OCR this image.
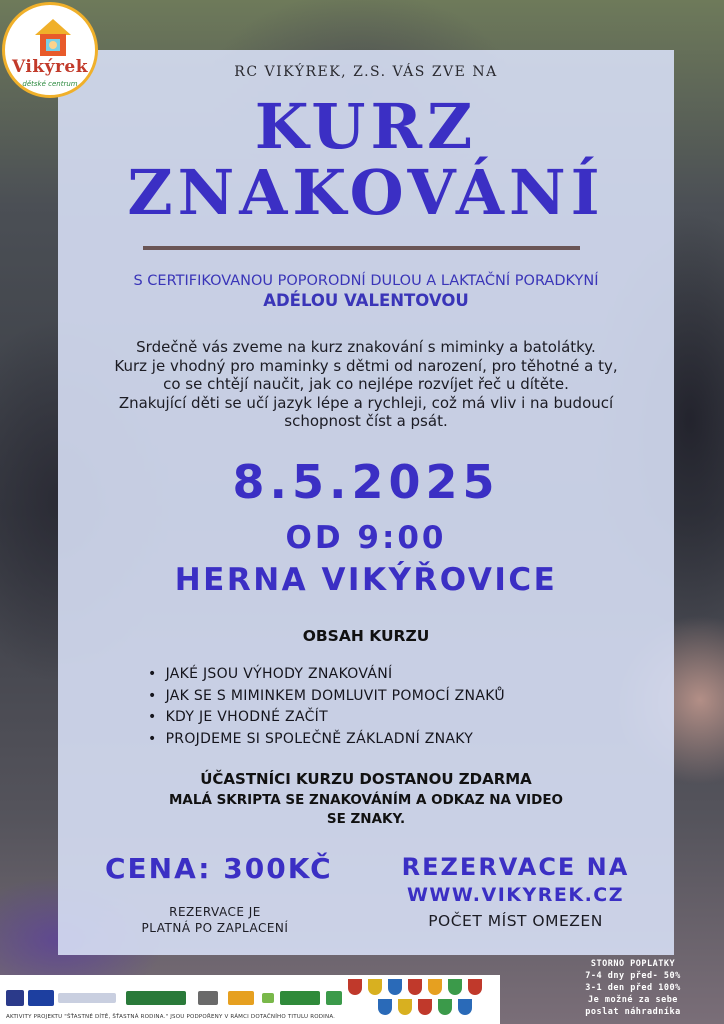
Vikýrek
dětské centrum
RC VIKÝREK, Z.S. VÁS ZVE NA
KURZ
ZNAKOVÁNÍ
S CERTIFIKOVANOU POPORODNÍ DULOU A LAKTAČNÍ PORADKYNÍ
ADÉLOU VALENTOVOU
Srdečně vás zveme na kurz znakování s miminky a batolátky.
Kurz je vhodný pro maminky s dětmi od narození, pro těhotné a ty,
co se chtějí naučit, jak co nejlépe rozvíjet řeč u dítěte.
Znakující děti se učí jazyk lépe a rychleji, což má vliv i na budoucí
schopnost číst a psát.
8.5.2025
OD 9:00
HERNA VIKÝŘOVICE
OBSAH KURZU
• JAKÉ JSOU VÝHODY ZNAKOVÁNÍ
• JAK SE S MIMINKEM DOMLUVIT POMOCÍ ZNAKŮ
• KDY JE VHODNÉ ZAČÍT
• PROJDEME SI SPOLEČNĚ ZÁKLADNÍ ZNAKY
ÚČASTNÍCI KURZU DOSTANOU ZDARMA
MALÁ SKRIPTA SE ZNAKOVÁNÍM A ODKAZ NA VIDEO
SE ZNAKY.
CENA: 300KČ
REZERVACE JE
PLATNÁ PO ZAPLACENÍ
REZERVACE NA
WWW.VIKYREK.CZ
POČET MÍST OMEZEN
STORNO POPLATKY
7-4 dny před- 50%
3-1 den před 100%
Je možné za sebe
poslat náhradníka
AKTIVITY PROJEKTU "ŠŤASTNÉ DÍTĚ, ŠŤASTNÁ RODINA." JSOU PODPOŘENY V RÁMCI DOTAČNÍHO TITULU RODINA.
